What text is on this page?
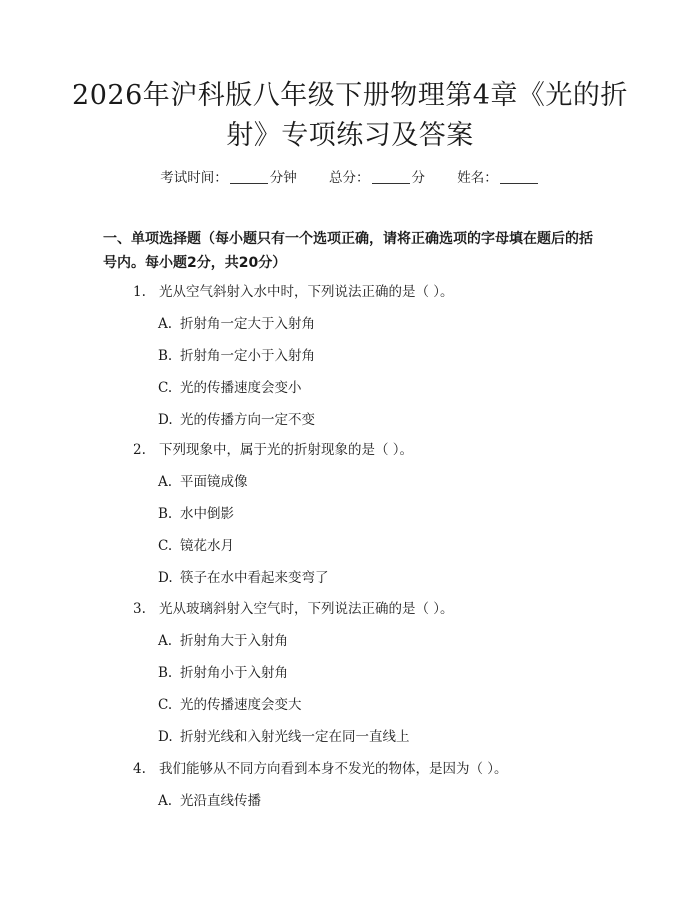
2026年沪科版八年级下册物理第4章《光的折射》专项练习及答案
考试时间：	分钟 总分：	分 姓名：
一、单项选择题（每小题只有一个选项正确，请将正确选项的字母填在题后的括号内。每小题2分，共20分）
1. 光从空气斜射入水中时，下列说法正确的是（ ）。
A. 折射角一定大于入射角
B. 折射角一定小于入射角
C. 光的传播速度会变小
D. 光的传播方向一定不变
2. 下列现象中，属于光的折射现象的是（ ）。
A. 平面镜成像
B. 水中倒影
C. 镜花水月
D. 筷子在水中看起来变弯了
3. 光从玻璃斜射入空气时，下列说法正确的是（ ）。
A. 折射角大于入射角
B. 折射角小于入射角
C. 光的传播速度会变大
D. 折射光线和入射光线一定在同一直线上
4. 我们能够从不同方向看到本身不发光的物体，是因为（ ）。
A. 光沿直线传播
